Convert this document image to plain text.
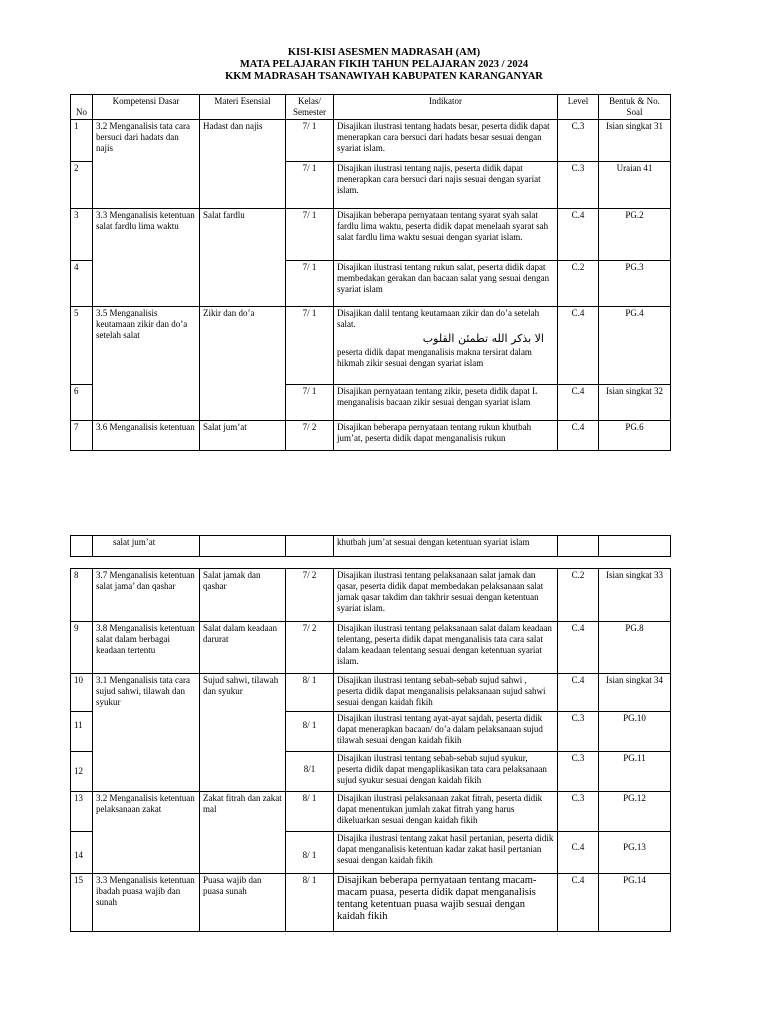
KISI-KISI ASESMEN MADRASAH (AM)
MATA PELAJARAN FIKIH TAHUN PELAJARAN 2023 / 2024
KKM MADRASAH TSANAWIYAH KABUPATEN KARANGANYAR
No	Kompetensi Dasar	Materi Esensial	Kelas/ Semester	Indikator	Level	Bentuk & No. Soal
1	3.2 Menganalisis tata cara bersuci dari hadats dan najis	Hadast dan najis	7/ 1	Disajikan ilustrasi tentang hadats besar, peserta didik dapat menerapkan cara bersuci dari hadats besar sesuai dengan syariat islam.	C.3	Isian singkat 31
2			7/ 1	Disajikan ilustrasi tentang najis, peserta didik dapat menerapkan cara bersuci dari najis sesuai dengan syariat islam.	C.3	Uraian 41
3	3.3 Menganalisis ketentuan salat fardlu lima waktu	Salat fardlu	7/ 1	Disajikan beberapa pernyataan tentang syarat syah salat fardlu lima waktu, peserta didik dapat menelaah syarat sah salat fardlu lima waktu sesuai dengan syariat islam.	C.4	PG.2
4			7/ 1	Disajikan ilustrasi tentang rukun salat, peserta didik dapat membedakan gerakan dan bacaan salat yang sesuai dengan syariat islam	C.2	PG.3
5	3.5 Menganalisis keutamaan zikir dan do’a setelah salat	Zikir dan do’a	7/ 1	Disajikan dalil tentang keutamaan zikir dan do’a setelah salat.
الا بذكر الله تطمئن القلوب
peserta didik dapat menganalisis makna tersirat dalam hikmah zikir sesuai dengan syariat islam	C.4	PG.4
6			7/ 1	Disajikan pernyataan tentang zikir, peseta didik dapat L menganalisis bacaan zikir sesuai dengan syariat islam	C.4	Isian singkat 32
7	3.6 Menganalisis ketentuan	Salat jum’at	7/ 2	Disajikan beberapa pernyataan tentang rukun khutbah jum’at, peserta didik dapat menganalisis rukun	C.4	PG.6
	salat jum’at			khutbah jum’at sesuai dengan ketentuan syariat islam		
8	3.7 Menganalisis ketentuan salat jama’ dan qashar	Salat jamak dan qashar	7/ 2	Disajikan ilustrasi tentang pelaksanaan salat jamak dan qasar, peserta didik dapat membedakan pelaksanaan salat jamak qasar takdim dan takhrir sesuai dengan ketentuan syariat islam.	C.2	Isian singkat 33
9	3.8 Menganalisis ketentuan salat dalam berbagai keadaan tertentu	Salat dalam keadaan darurat	7/ 2	Disajikan ilustrasi tentang pelaksanaan salat dalam keadaan telentang, peserta didik dapat menganalisis tata cara salat dalam keadaan telentang sesuai dengan ketentuan syariat islam.	C.4	PG.8
10	3.1 Menganalisis tata cara sujud sahwi, tilawah dan syukur	Sujud sahwi, tilawah dan syukur	8/ 1	Disajikan ilustrasi tentang sebab-sebab sujud sahwi , peserta didik dapat menganalisis pelaksanaan sujud sahwi sesuai dengan kaidah fikih	C.4	Isian singkat 34
11			8/ 1	Disajikan ilustrasi tentang ayat-ayat sajdah, peserta didik dapat menerapkan bacaan/ do’a dalam pelaksanaan sujud tilawah sesuai dengan kaidah fikih	C.3	PG.10
12			8/1	Disajikan ilustrasi tentang sebab-sebab sujud syukur, peserta didik dapat mengaplikasikan tata cara pelaksanaan sujud syukur sesuai dengan kaidah fikih	C.3	PG.11
13	3.2 Menganalisis ketentuan pelaksanaan zakat	Zakat fitrah dan zakat mal	8/ 1	Disajikan ilustrasi pelaksanaan zakat fitrah, peserta didik dapat menentukan jumlah zakat fitrah yang harus dikeluarkan sesuai dengan kaidah fikih	C.3	PG.12
14			8/ 1	Disajika ilustrasi tentang zakat hasil pertanian, peserta didik dapat menganalisis ketentuan kadar zakat hasil pertanian sesuai dengan kaidah fikih	C.4	PG.13
15	3.3 Menganalisis ketentuan ibadah puasa wajib dan sunah	Puasa wajib dan puasa sunah	8/ 1	Disajikan beberapa pernyataan tentang macam-macam puasa, peserta didik dapat menganalisis tentang ketentuan puasa wajib sesuai dengan kaidah fikih	C.4	PG.14
